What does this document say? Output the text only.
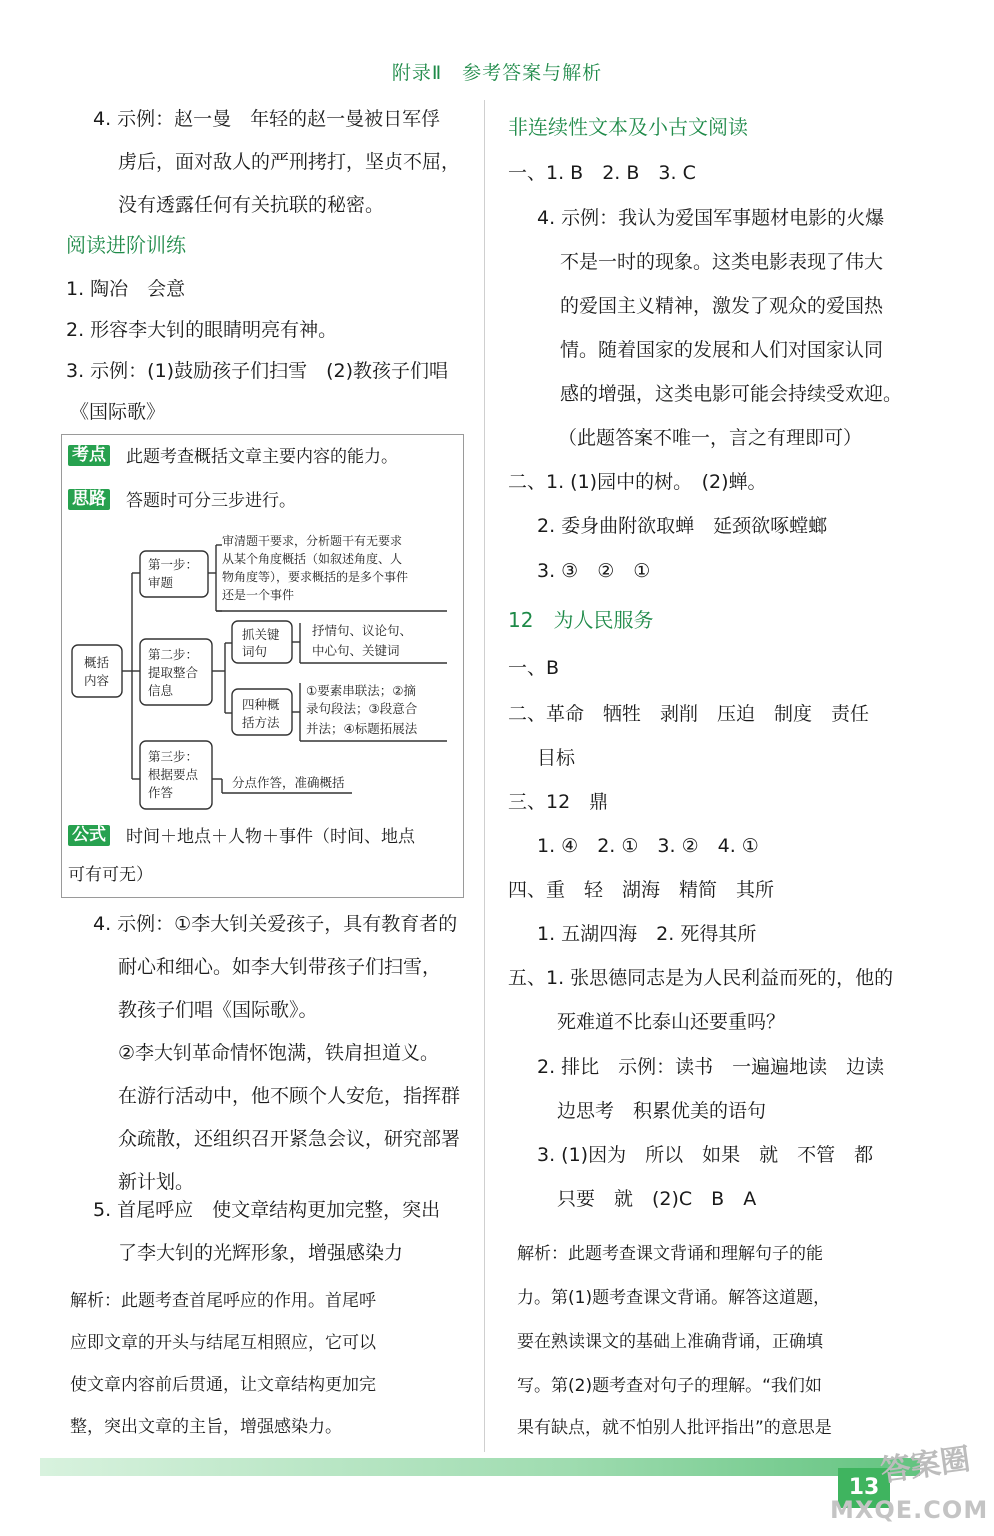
附录Ⅱ　参考答案与解析
4. 示例：赵一曼　年轻的赵一曼被日军俘
虏后，面对敌人的严刑拷打，坚贞不屈，
没有透露任何有关抗联的秘密。
阅读进阶训练
1. 陶冶　会意
2. 形容李大钊的眼睛明亮有神。
3. 示例：(1)鼓励孩子们扫雪　(2)教孩子们唱
《国际歌》
考点 此题考查概括文章主要内容的能力。
思路 答题时可分三步进行。
概括
内容
第一步：
审题
审清题干要求，分析题干有无要求
从某个角度概括（如叙述角度、人
物角度等），要求概括的是多个事件
还是一个事件
第二步：
提取整合
信息
抓关键
词句
抒情句、议论句、
中心句、关键词
四种概
括方法
①要素串联法；②摘
录句段法；③段意合
并法；④标题拓展法
第三步：
根据要点
作答
分点作答，准确概括
公式 时间＋地点＋人物＋事件（时间、地点
可有可无）
4. 示例：①李大钊关爱孩子，具有教育者的
耐心和细心。如李大钊带孩子们扫雪，
教孩子们唱《国际歌》。
②李大钊革命情怀饱满，铁肩担道义。
在游行活动中，他不顾个人安危，指挥群
众疏散，还组织召开紧急会议，研究部署
新计划。
5. 首尾呼应　使文章结构更加完整，突出
了李大钊的光辉形象，增强感染力
解析：此题考查首尾呼应的作用。首尾呼
应即文章的开头与结尾互相照应，它可以
使文章内容前后贯通，让文章结构更加完
整，突出文章的主旨，增强感染力。
非连续性文本及小古文阅读
一、1. B　2. B　3. C
4. 示例：我认为爱国军事题材电影的火爆
不是一时的现象。这类电影表现了伟大
的爱国主义精神，激发了观众的爱国热
情。随着国家的发展和人们对国家认同
感的增强，这类电影可能会持续受欢迎。
（此题答案不唯一，言之有理即可）
二、1. (1)园中的树。　(2)蝉。
2. 委身曲附欲取蝉　延颈欲啄螳螂
3. ③　②　①
12　为人民服务
一、B
二、革命　牺牲　剥削　压迫　制度　责任
目标
三、12　鼎
1. ④　2. ①　3. ②　4. ①
四、重　轻　湖海　精简　其所
1. 五湖四海　2. 死得其所
五、1. 张思德同志是为人民利益而死的，他的
死难道不比泰山还要重吗？
2. 排比　示例：读书　一遍遍地读　边读
边思考　积累优美的语句
3. (1)因为　所以　如果　就　不管　都
只要　就　(2)C　B　A
解析：此题考查课文背诵和理解句子的能
力。第(1)题考查课文背诵。解答这道题，
要在熟读课文的基础上准确背诵，正确填
写。第(2)题考查对句子的理解。“我们如
果有缺点，就不怕别人批评指出”的意思是
13 答案圈
MXQE.COM
